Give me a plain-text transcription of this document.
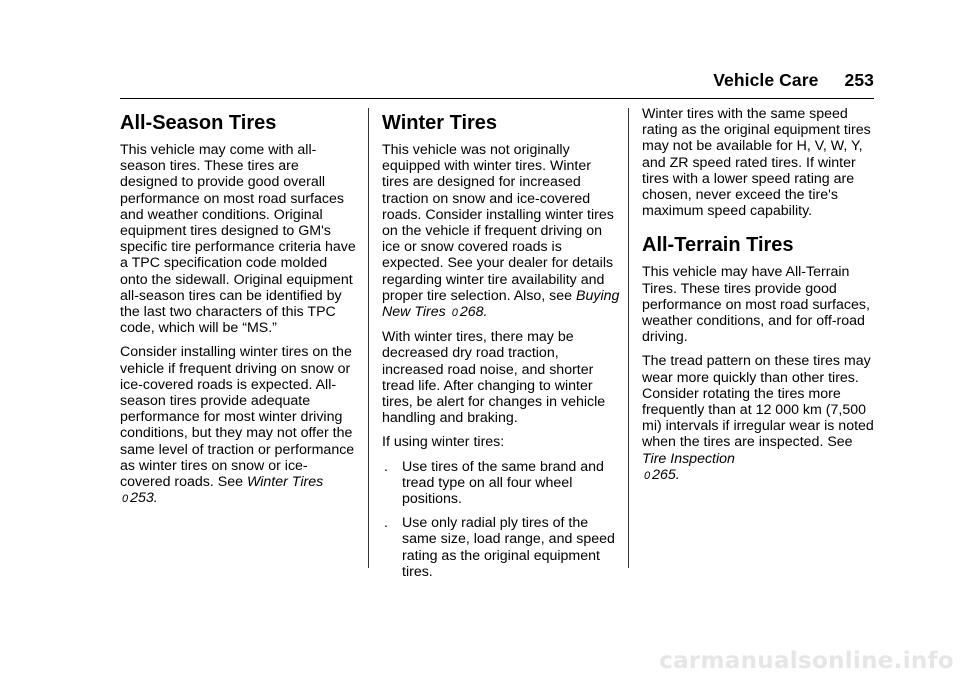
Vehicle Care 253
All-Season Tires

This vehicle may come with all-season tires. These tires are designed to provide good overall performance on most road surfaces and weather conditions. Original equipment tires designed to GM's specific tire performance criteria have a TPC specification code molded onto the sidewall. Original equipment all-season tires can be identified by the last two characters of this TPC code, which will be “MS.”

Consider installing winter tires on the vehicle if frequent driving on snow or ice-covered roads is expected. All-season tires provide adequate performance for most winter driving conditions, but they may not offer the same level of traction or performance as winter tires on snow or ice-covered roads. See Winter Tires 0 253.

Winter Tires

This vehicle was not originally equipped with winter tires. Winter tires are designed for increased traction on snow and ice-covered roads. Consider installing winter tires on the vehicle if frequent driving on ice or snow covered roads is expected. See your dealer for details regarding winter tire availability and proper tire selection. Also, see Buying New Tires 0 268.

With winter tires, there may be decreased dry road traction, increased road noise, and shorter tread life. After changing to winter tires, be alert for changes in vehicle handling and braking.

If using winter tires:

. Use tires of the same brand and tread type on all four wheel positions.
. Use only radial ply tires of the same size, load range, and speed rating as the original equipment tires.

Winter tires with the same speed rating as the original equipment tires may not be available for H, V, W, Y, and ZR speed rated tires. If winter tires with a lower speed rating are chosen, never exceed the tire's maximum speed capability.

All-Terrain Tires

This vehicle may have All-Terrain Tires. These tires provide good performance on most road surfaces, weather conditions, and for off-road driving.

The tread pattern on these tires may wear more quickly than other tires. Consider rotating the tires more frequently than at 12 000 km (7,500 mi) intervals if irregular wear is noted when the tires are inspected. See Tire Inspection
0 265.

carmanualsonline.info
